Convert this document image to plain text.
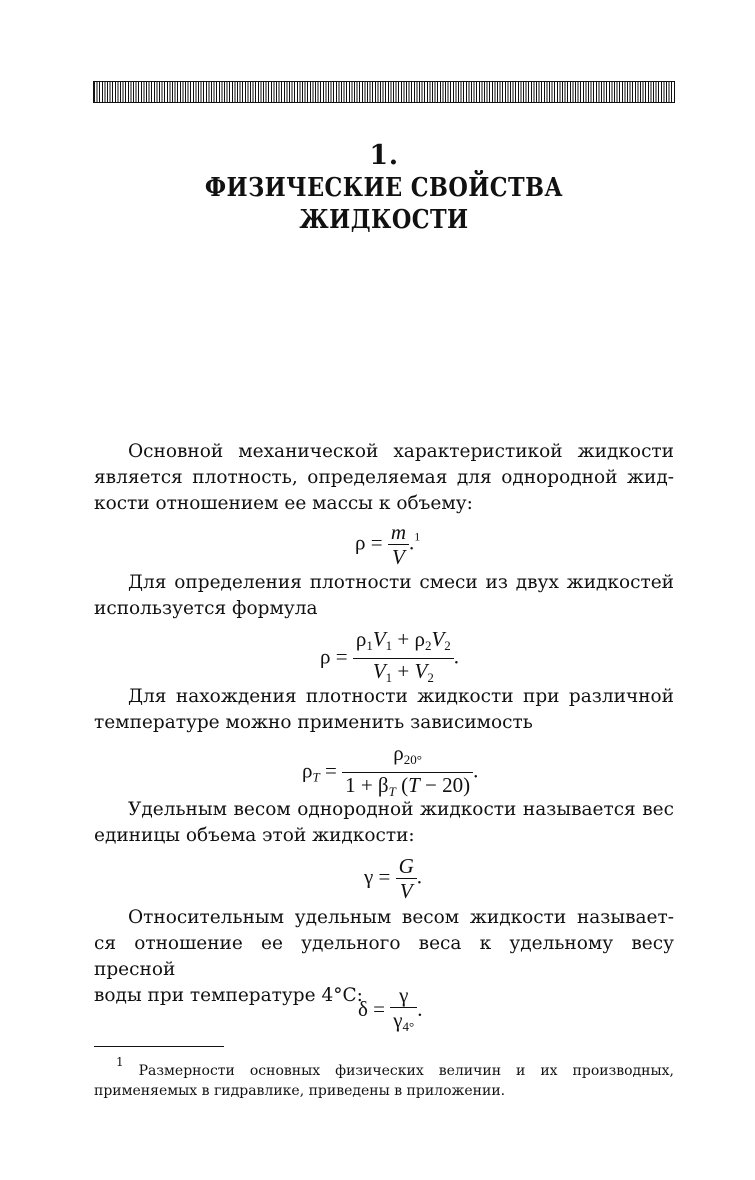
1.
ФИЗИЧЕСКИЕ СВОЙСТВА
ЖИДКОСТИ
Основной механической характеристикой жидкости
является плотность, определяемая для однородной жид-
кости отношением ее массы к объему:
$\rho = \frac{m}{V} .^1$
Для определения плотности смеси из двух жидкостей
используется формула
$\rho = \frac{\rho_1V_1 + \rho_2V_2}{V_1 + V_2}$ .
Для нахождения плотности жидкости при различной
температуре можно применить зависимость
$\rho_T = \frac{\rho_{20^\circ}}{1 + \beta_T (T - 20)}$ .
Удельным весом однородной жидкости называется вес
единицы объема этой жидкости:
$\gamma = \frac{G}{V}$ .
Относительным удельным весом жидкости называет-
ся отношение ее удельного веса к удельному весу пресной
воды при температуре 4°C:
$\delta = \frac{\gamma}{\gamma_{4^\circ}}$ .
$^1$ Размерности основных физических величин и их производных,
применяемых в гидравлике, приведены в приложении.
